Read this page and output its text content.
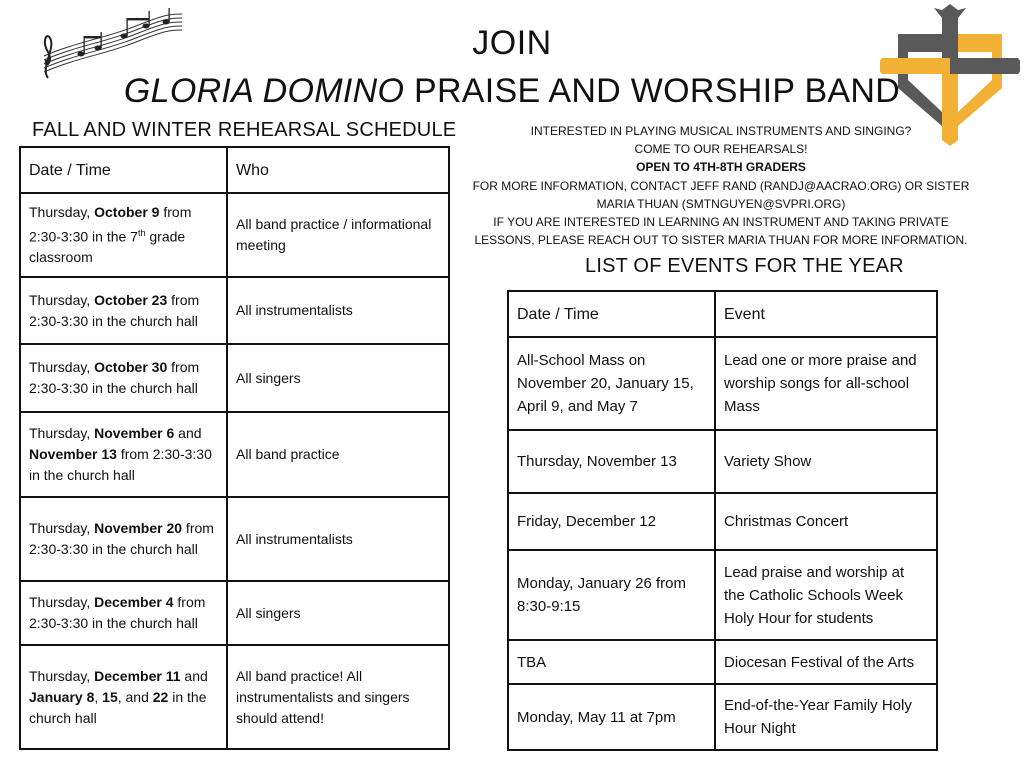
JOIN
GLORIA DOMINO PRAISE AND WORSHIP BAND
FALL AND WINTER REHEARSAL SCHEDULE	INTERESTED IN PLAYING MUSICAL INSTRUMENTS AND SINGING?
COME TO OUR REHEARSALS!
OPEN TO 4TH-8TH GRADERS
FOR MORE INFORMATION, CONTACT JEFF RAND (RANDJ@AACRAO.ORG) OR SISTER MARIA THUAN (SMTNGUYEN@SVPRI.ORG)
IF YOU ARE INTERESTED IN LEARNING AN INSTRUMENT AND TAKING PRIVATE LESSONS, PLEASE REACH OUT TO SISTER MARIA THUAN FOR MORE INFORMATION.
Date / Time	Who
Thursday, October 9 from 2:30-3:30 in the 7th grade classroom	All band practice / informational meeting
Thursday, October 23 from 2:30-3:30 in the church hall	All instrumentalists
Thursday, October 30 from 2:30-3:30 in the church hall	All singers
Thursday, November 6 and November 13 from 2:30-3:30 in the church hall	All band practice
Thursday, November 20 from 2:30-3:30 in the church hall	All instrumentalists
Thursday, December 4 from 2:30-3:30 in the church hall	All singers
Thursday, December 11 and January 8, 15, and 22 in the church hall	All band practice! All instrumentalists and singers should attend!
LIST OF EVENTS FOR THE YEAR
Date / Time	Event
All-School Mass on November 20, January 15, April 9, and May 7	Lead one or more praise and worship songs for all-school Mass
Thursday, November 13	Variety Show
Friday, December 12	Christmas Concert
Monday, January 26 from 8:30-9:15	Lead praise and worship at the Catholic Schools Week Holy Hour for students
TBA	Diocesan Festival of the Arts
Monday, May 11 at 7pm	End-of-the-Year Family Holy Hour Night
